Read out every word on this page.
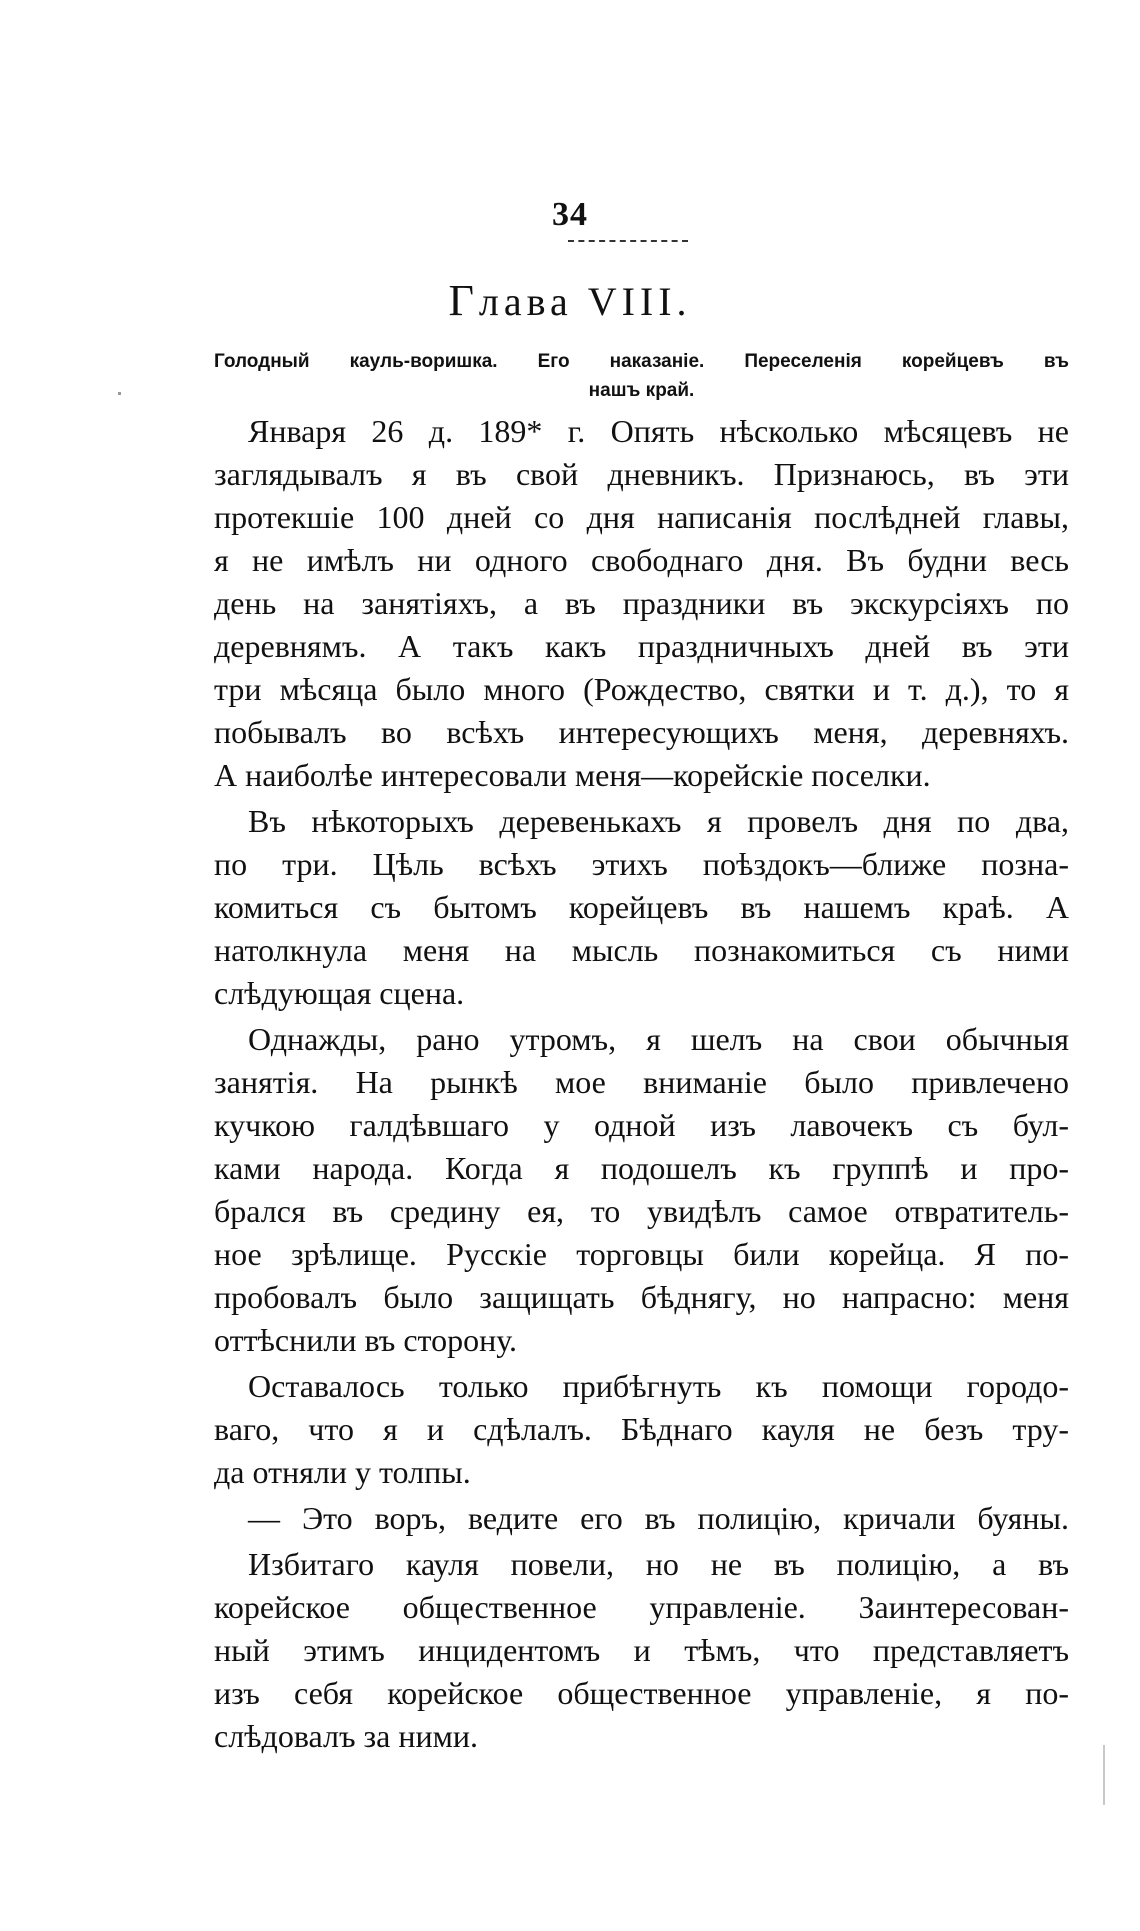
34
Глава VIII.
Голодный кауль-воришка. Его наказаніе. Переселенія корейцевъ въ
нашъ край.
Января 26 д. 189* г. Опять нѣсколько мѣсяцевъ не
заглядывалъ я въ свой дневникъ. Признаюсь, въ эти
протекшіе 100 дней со дня написанія послѣдней главы,
я не имѣлъ ни одного свободнаго дня. Въ будни весь
день на занятіяхъ, а въ праздники въ экскурсіяхъ по
деревнямъ. А такъ какъ праздничныхъ дней въ эти
три мѣсяца было много (Рождество, святки и т. д.), то я
побывалъ во всѣхъ интересующихъ меня, деревняхъ.
А наиболѣе интересовали меня—корейскіе поселки.
Въ нѣкоторыхъ деревенькахъ я провелъ дня по два,
по три. Цѣль всѣхъ этихъ поѣздокъ—ближе позна-
комиться съ бытомъ корейцевъ въ нашемъ краѣ. А
натолкнула меня на мысль познакомиться съ ними
слѣдующая сцена.
Однажды, рано утромъ, я шелъ на свои обычныя
занятія. На рынкѣ мое вниманіе было привлечено
кучкою галдѣвшаго у одной изъ лавочекъ съ бул-
ками народа. Когда я подошелъ къ группѣ и про-
брался въ средину ея, то увидѣлъ самое отвратитель-
ное зрѣлище. Русскіе торговцы били корейца. Я по-
пробовалъ было защищать бѣднягу, но напрасно: меня
оттѣснили въ сторону.
Оставалось только прибѣгнуть къ помощи городо-
ваго, что я и сдѣлалъ. Бѣднаго кауля не безъ тру-
да отняли у толпы.
— Это воръ, ведите его въ полицію, кричали буяны.
Избитаго кауля повели, но не въ полицію, а въ
корейское общественное управленіе. Заинтересован-
ный этимъ инцидентомъ и тѣмъ, что представляетъ
изъ себя корейское общественное управленіе, я по-
слѣдовалъ за ними.
